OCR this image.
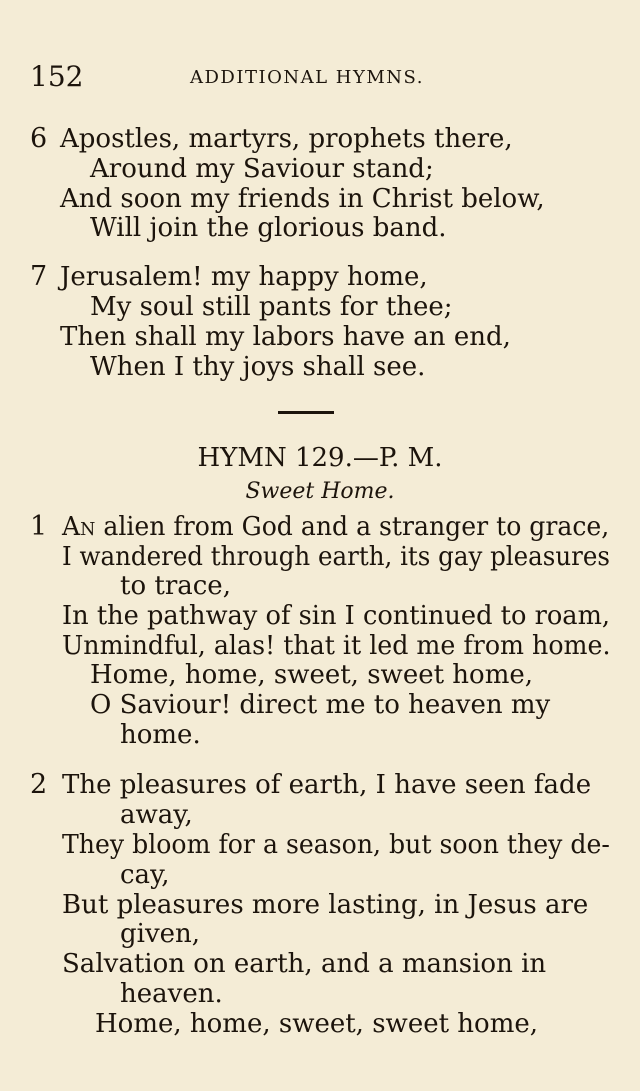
152	ADDITIONAL HYMNS.
6 Apostles, martyrs, prophets there,
Around my Saviour stand;
And soon my friends in Christ below,
Will join the glorious band.
7 Jerusalem! my happy home,
My soul still pants for thee;
Then shall my labors have an end,
When I thy joys shall see.
HYMN 129.—P. M.
Sweet Home.
1 An alien from God and a stranger to grace,
I wandered through earth, its gay pleasures
to trace,
In the pathway of sin I continued to roam,
Unmindful, alas! that it led me from home.
Home, home, sweet, sweet home,
O Saviour! direct me to heaven my
home.
2 The pleasures of earth, I have seen fade
away,
They bloom for a season, but soon they de-
cay,
But pleasures more lasting, in Jesus are
given,
Salvation on earth, and a mansion in
heaven.
Home, home, sweet, sweet home,
